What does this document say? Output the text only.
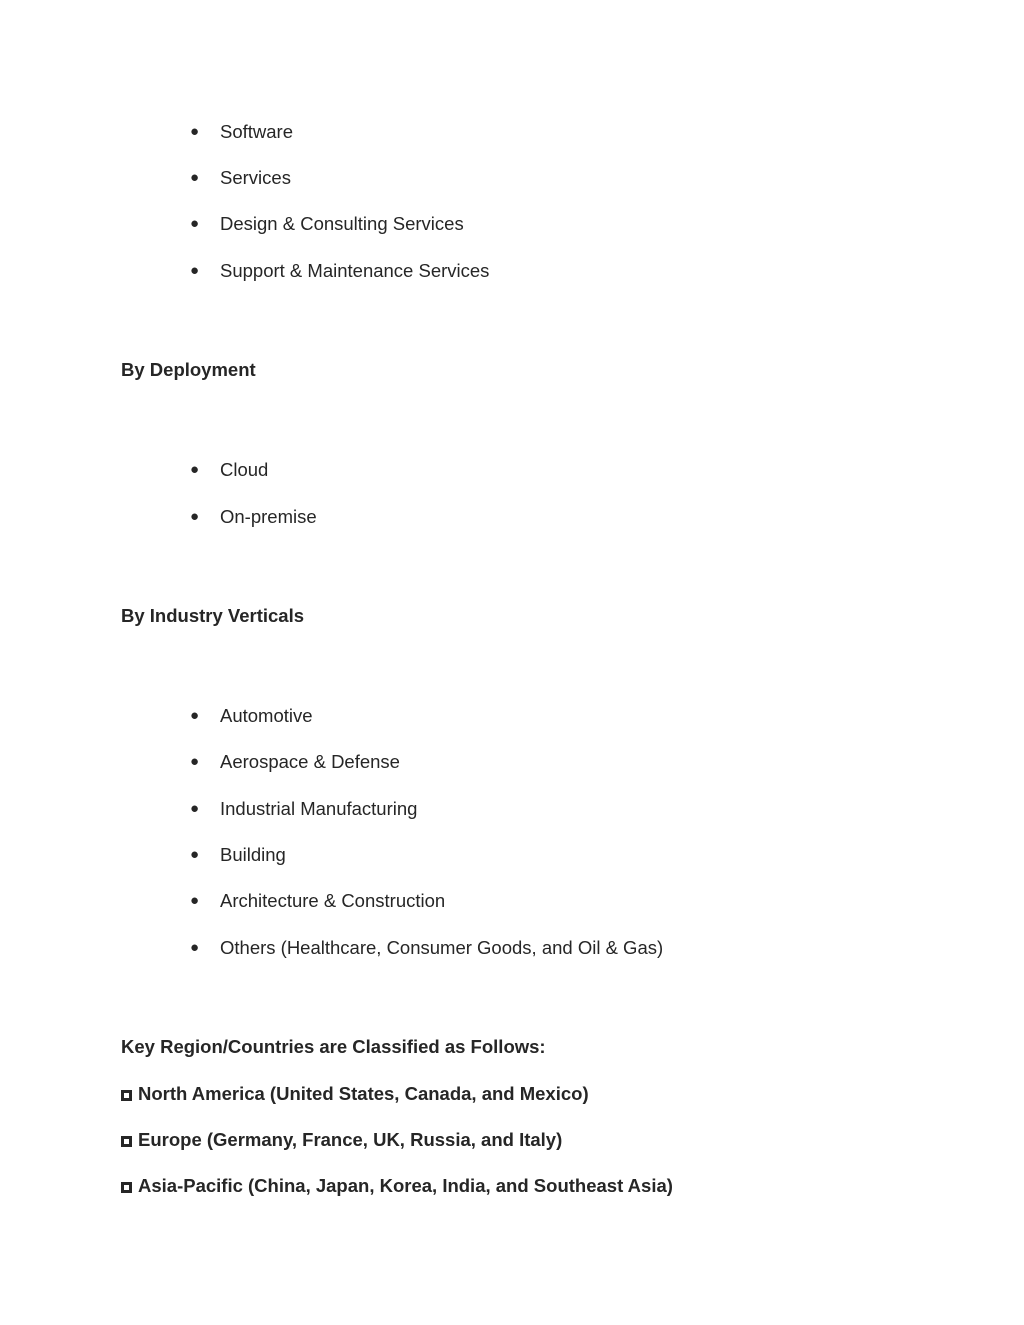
● Software
● Services
● Design & Consulting Services
● Support & Maintenance Services
By Deployment
● Cloud
● On-premise
By Industry Verticals
● Automotive
● Aerospace & Defense
● Industrial Manufacturing
● Building
● Architecture & Construction
● Others (Healthcare, Consumer Goods, and Oil & Gas)
Key Region/Countries are Classified as Follows:
North America (United States, Canada, and Mexico)
Europe (Germany, France, UK, Russia, and Italy)
Asia-Pacific (China, Japan, Korea, India, and Southeast Asia)
